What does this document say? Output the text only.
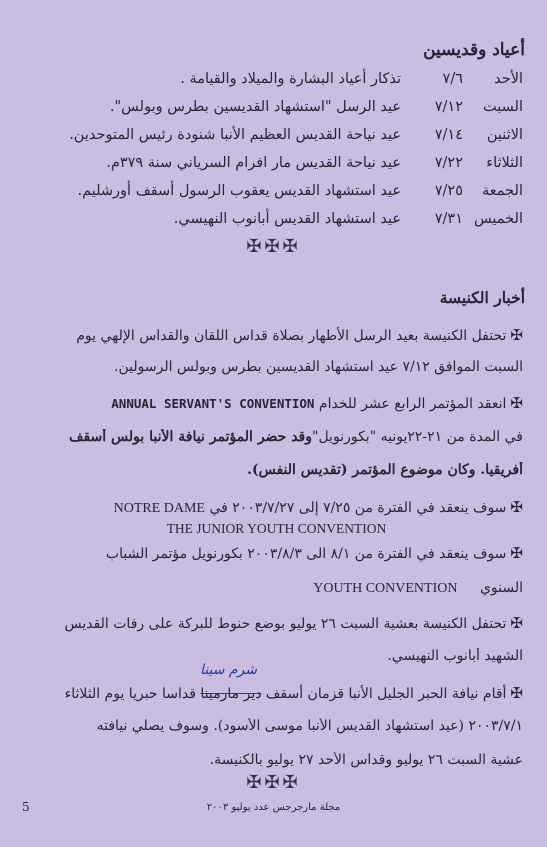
أعياد وقديسين
الأحد
٧/٦
تذكار أعياد البشارة والميلاد والقيامة .
السبت
٧/١٢
عيد الرسل "استشهاد القديسين بطرس وبولس".
الاثنين
٧/١٤
عيد نياحة القديس العظيم الأنبا شنودة رئيس المتوحدين.
الثلاثاء
٧/٢٢
عيد نياحة القديس مار افرام السرياني سنة ٣٧٩م.
الجمعة
٧/٢٥
عيد استشهاد القديس يعقوب الرسول أسقف أورشليم.
الخميس
٧/٣١
عيد استشهاد القديس أبانوب النهيسي.
✠✠✠
أخبار الكنيسة
✠تحتفل الكنيسة بعيد الرسل الأطهار بصلاة قداس اللقان والقداس الإلهي يوم
السبت الموافق ٧/١٢ عيد استشهاد القديسين بطرس وبولس الرسولين.
✠انعقد المؤتمر الرابع عشر للخدام ANNUAL SERVANT'S CONVENTION
في المدة من ٢١-٢٢يونيه "بكورنويل"وقد حضر المؤتمر نيافة الأنبا بولس أسقف
أفريقيا. وكان موضوع المؤتمر (تقديس النفس).
✠سوف ينعقد في الفترة من ٧/٢٥ إلى ٢٠٠٣/٧/٢٧ في NOTRE DAME
THE JUNIOR YOUTH CONVENTION
✠سوف ينعقد في الفترة من ٨/١ الى ٢٠٠٣/٨/٣ بكورنويل مؤتمر الشباب
السنوي YOUTH CONVENTION
✠تحتفل الكنيسة بعشية السبت ٢٦ يوليو بوضع حنوط للبركة على رفات القديس
الشهيد أبانوب النهيسي.
شرم سينا
✠أقام نيافة الحبر الجليل الأنبا قزمان أسقف دير مارمينا قداسا حبريا يوم الثلاثاء
٢٠٠٣/٧/١ (عيد استشهاد القديس الأنبا موسى الأسود). وسوف يصلي نيافته
عشية السبت ٢٦ يوليو وقداس الأحد ٢٧ يوليو بالكنيسة.
✠✠✠
5	مجلة مارجرجس عدد يوليو ٢٠٠٣
